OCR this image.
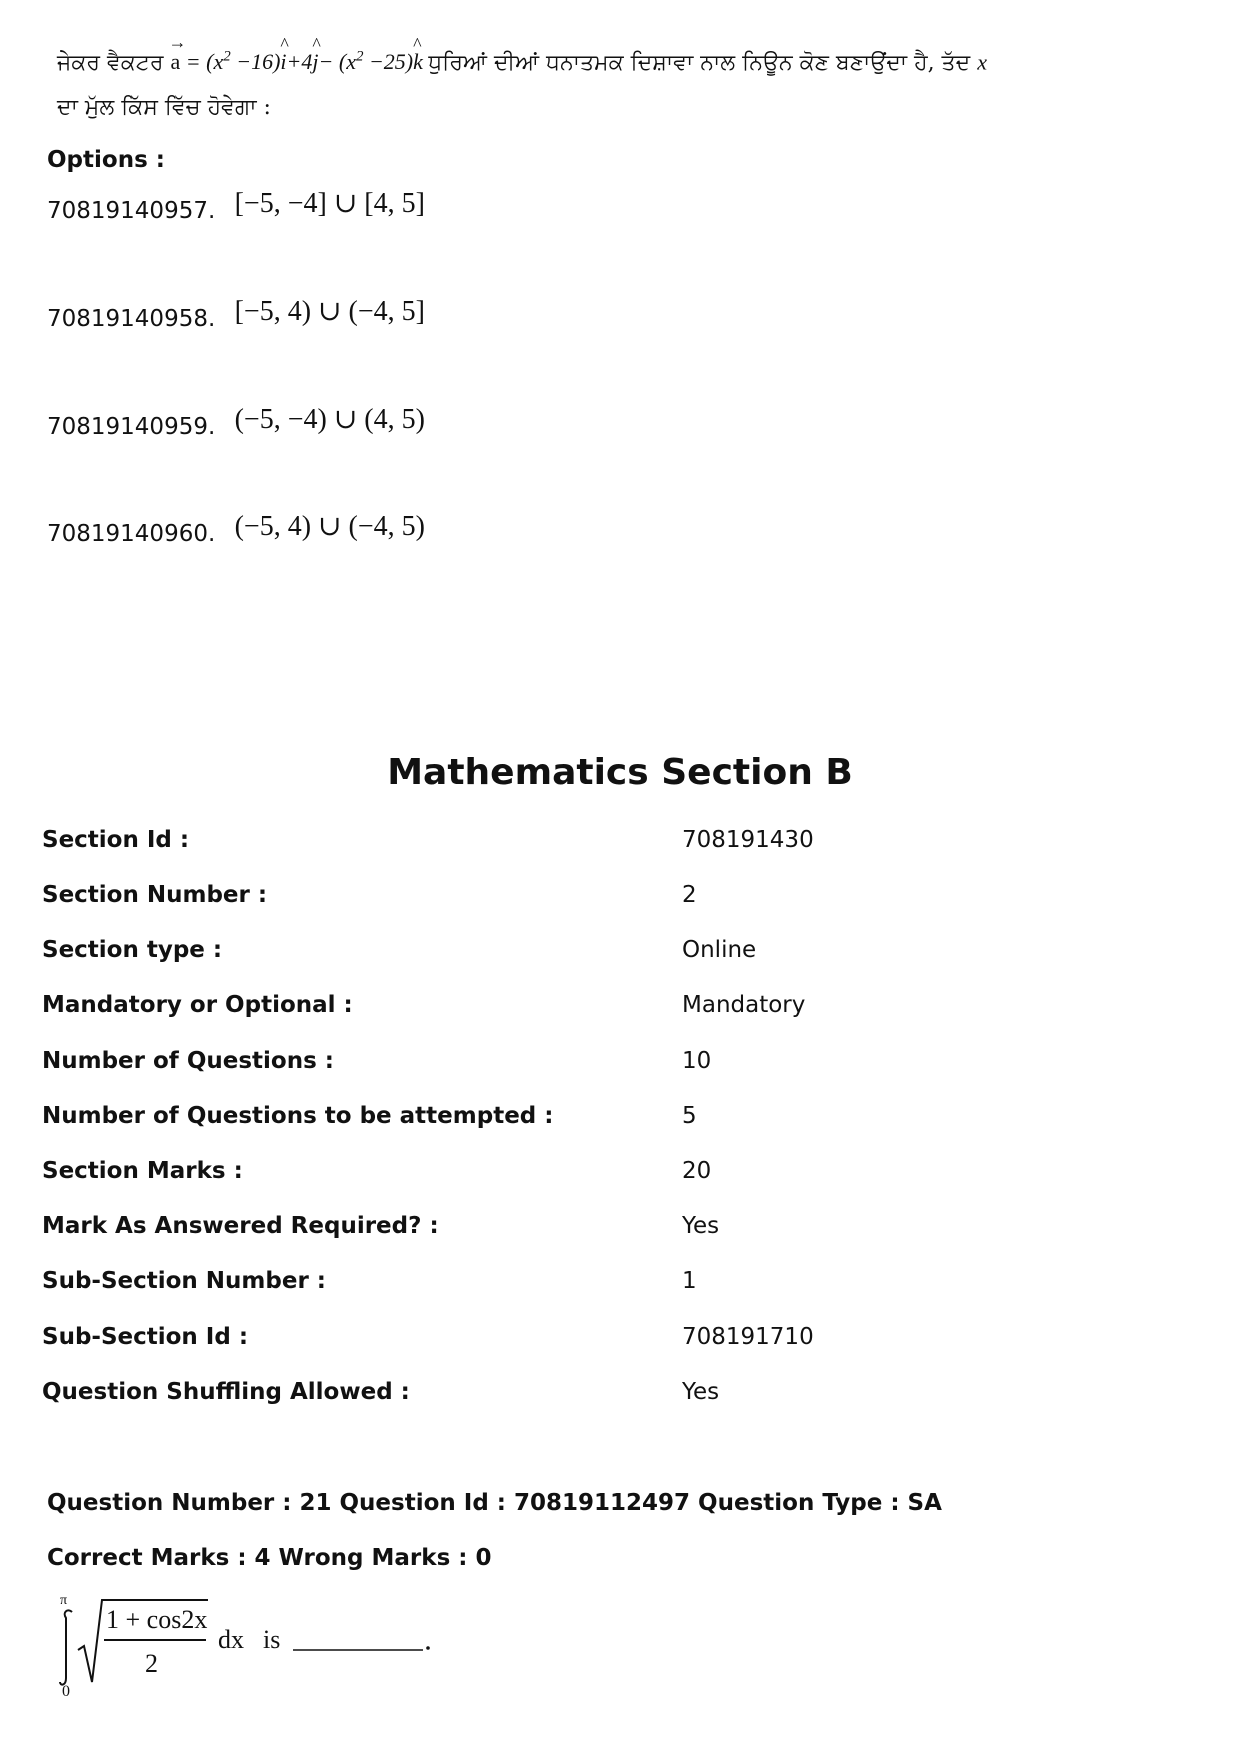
ਜੇਕਰ ਵੈਕਟਰ → $a = (x^2$ −16)^ i+4^ $j- (x^2$ −25)^ k ਧੁਰਿਆਂ ਦੀਆਂ ਧਨਾਤਮਕ ਦਿਸ਼ਾਵਾ ਨਾਲ ਨਿਊਨ ਕੋਣ ਬਣਾਉਂਦਾ ਹੈ, ਤੱਦ x
ਦਾ ਮੁੱਲ ਕਿੱਸ ਵਿੱਚ ਹੋਵੇਗਾ :
Options :
70819140957. [−5, −4] ∪ [4, 5]
70819140958. [−5, 4) ∪ (−4, 5]
70819140959. (−5, −4) ∪ (4, 5)
70819140960. (−5, 4) ∪ (−4, 5)
Mathematics Section B
Section Id :	708191430
Section Number :	2
Section type :	Online
Mandatory or Optional :	Mandatory
Number of Questions :	10
Number of Questions to be attempted :	5
Section Marks :	20
Mark As Answered Required? :	Yes
Sub-Section Number :	1
Sub-Section Id :	708191710
Question Shuffling Allowed :	Yes
Question Number : 21 Question Id : 70819112497 Question Type : SA
Correct Marks : 4 Wrong Marks : 0
π
0
1 + cos2x
2
dx is
